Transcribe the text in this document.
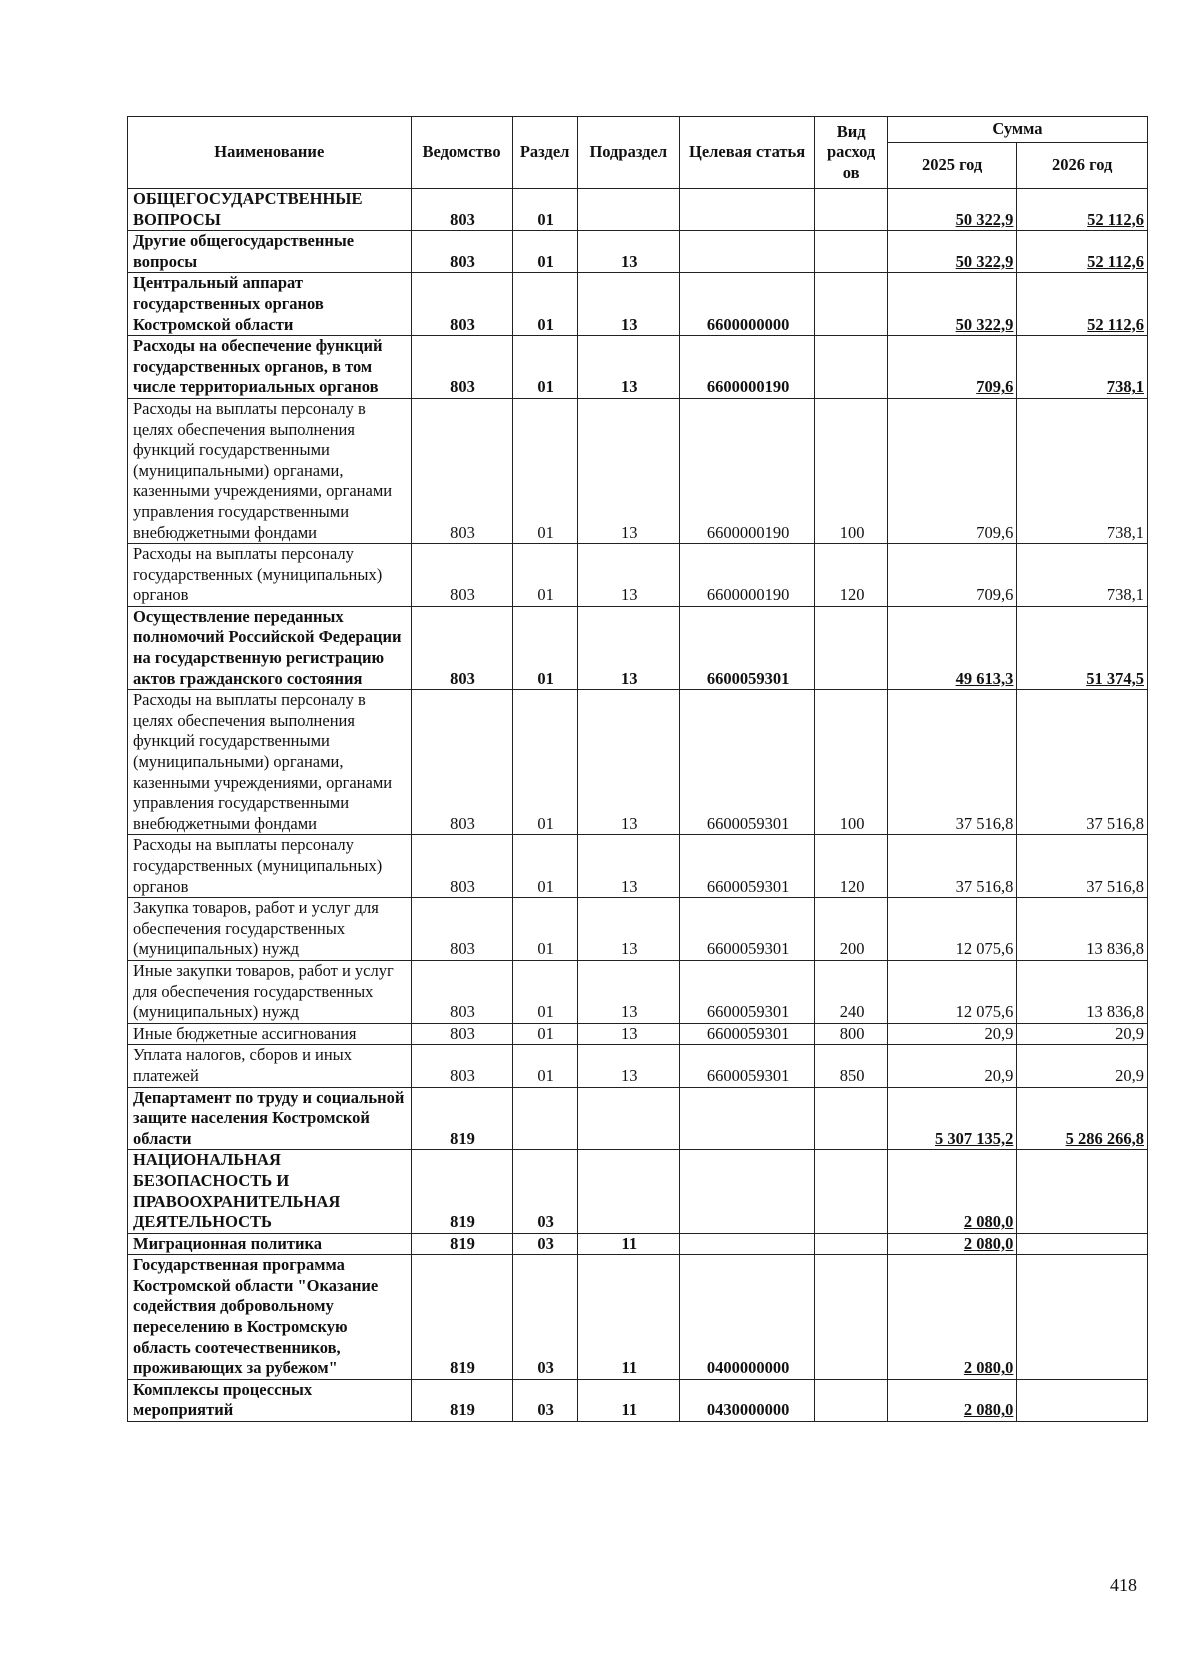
Наименование	Ведомство	Раздел	Подраздел	Целевая статья	Вид расход ов	Сумма	
						2025 год	2026 год
ОБЩЕГОСУДАРСТВЕННЫЕ ВОПРОСЫ	803	01				50 322,9	52 112,6
Другие общегосударственные вопросы	803	01	13			50 322,9	52 112,6
Центральный аппарат государственных органов Костромской области	803	01	13	6600000000		50 322,9	52 112,6
Расходы на обеспечение функций государственных органов, в том числе территориальных органов	803	01	13	6600000190		709,6	738,1
Расходы на выплаты персоналу в целях обеспечения выполнения функций государственными (муниципальными) органами, казенными учреждениями, органами управления государственными внебюджетными фондами	803	01	13	6600000190	100	709,6	738,1
Расходы на выплаты персоналу государственных (муниципальных) органов	803	01	13	6600000190	120	709,6	738,1
Осуществление переданных полномочий Российской Федерации на государственную регистрацию актов гражданского состояния	803	01	13	6600059301		49 613,3	51 374,5
Расходы на выплаты персоналу в целях обеспечения выполнения функций государственными (муниципальными) органами, казенными учреждениями, органами управления государственными внебюджетными фондами	803	01	13	6600059301	100	37 516,8	37 516,8
Расходы на выплаты персоналу государственных (муниципальных) органов	803	01	13	6600059301	120	37 516,8	37 516,8
Закупка товаров, работ и услуг для обеспечения государственных (муниципальных) нужд	803	01	13	6600059301	200	12 075,6	13 836,8
Иные закупки товаров, работ и услуг для обеспечения государственных (муниципальных) нужд	803	01	13	6600059301	240	12 075,6	13 836,8
Иные бюджетные ассигнования	803	01	13	6600059301	800	20,9	20,9
Уплата налогов, сборов и иных платежей	803	01	13	6600059301	850	20,9	20,9
Департамент по труду и социальной защите населения Костромской области	819					5 307 135,2	5 286 266,8
НАЦИОНАЛЬНАЯ БЕЗОПАСНОСТЬ И ПРАВООХРАНИТЕЛЬНАЯ ДЕЯТЕЛЬНОСТЬ	819	03				2 080,0	
Миграционная политика	819	03	11			2 080,0	
Государственная программа Костромской области "Оказание содействия добровольному переселению в Костромскую область соотечественников, проживающих за рубежом"	819	03	11	0400000000		2 080,0	
Комплексы процессных мероприятий	819	03	11	0430000000		2 080,0	
418
